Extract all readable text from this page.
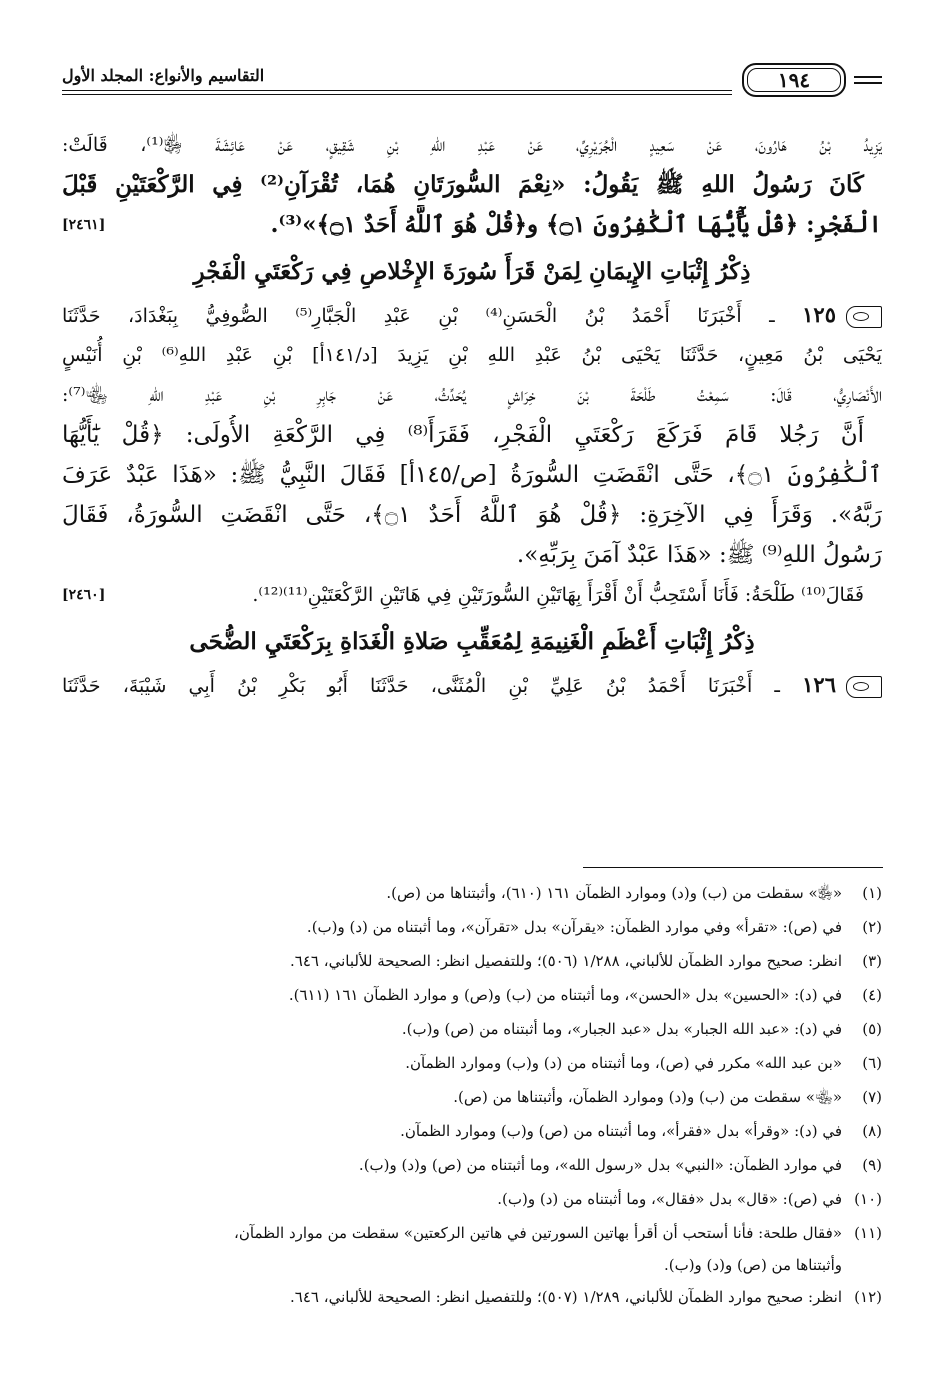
التقاسيم والأنواع: المجلد الأول	١٩٤
يَزِيدُ بْنُ هَارُونَ، عَنْ سَعِيدٍ الْجُرَيْرِيِّ، عَنْ عَبْدِ اللهِ بْنِ شَقِيقٍ، عَنْ عَائِشَةَ ﵂⁽¹⁾، قَالَتْ:
كَانَ رَسُولُ اللهِ ﷺ يَقُولُ: «نِعْمَ السُّورَتَانِ هُمَا، تُقْرَآنِ⁽²⁾ فِي الرَّكْعَتَيْنِ قَبْلَ
الْفَجْرِ: ﴿قُلْ يَٰٓأَيُّهَا ٱلْكَٰفِرُونَ ۝١﴾ و﴿قُلْ هُوَ ٱللَّهُ أَحَدٌ ۝١﴾»⁽³⁾.
[٢٤٦١]
ذِكْرُ إِثْبَاتِ الإِيمَانِ لِمَنْ قَرَأَ سُورَةَ الإِخْلاصِ فِي رَكْعَتَيِ الْفَجْرِ
١٢٥ ـ أَخْبَرَنَا أَحْمَدُ بْنُ الْحَسَنِ⁽⁴⁾ بْنِ عَبْدِ الْجَبَّارِ⁽⁵⁾ الصُّوفِيُّ بِبَغْدَادَ، حَدَّثَنَا
يَحْيَى بْنُ مَعِينٍ، حَدَّثَنَا يَحْيَى بْنُ عَبْدِ اللهِ بْنِ يَزِيدَ [د/١٤١أ] بْنِ عَبْدِ اللهِ⁽⁶⁾ بْنِ أُنَيْسٍ
الأَنْصَارِيُّ، قَالَ: سَمِعْتُ طَلْحَةَ بْنَ خِرَاشٍ يُحَدِّثُ، عَنْ جَابِرِ بْنِ عَبْدِ اللهِ ﵄⁽⁷⁾:
أَنَّ رَجُلا قَامَ فَرَكَعَ رَكْعَتَيِ الْفَجْرِ، فَقَرَأَ⁽⁸⁾ فِي الرَّكْعَةِ الأُولَى: ﴿قُلْ يَٰٓأَيُّهَا
ٱلْكَٰفِرُونَ ۝١﴾، حَتَّى انْقَضَتِ السُّورَةُ [ص/١٤٥أ] فَقَالَ النَّبِيُّ ﷺ: «هَذَا عَبْدٌ عَرَفَ
رَبَّهُ». وَقَرَأَ فِي الآخِرَةِ: ﴿قُلْ هُوَ ٱللَّهُ أَحَدٌ ۝١﴾، حَتَّى انْقَضَتِ السُّورَةُ، فَقَالَ
رَسُولُ اللهِ⁽⁹⁾ ﷺ: «هَذَا عَبْدٌ آمَنَ بِرَبِّهِ».
فَقَالَ⁽¹⁰⁾ طَلْحَةُ: فَأَنَا أَسْتَحِبُّ أَنْ أَقْرَأَ بِهَاتَيْنِ السُّورَتَيْنِ فِي هَاتَيْنِ الرَّكْعَتَيْنِ⁽¹¹⁾⁽¹²⁾.
[٢٤٦٠]
ذِكْرُ إِثْبَاتِ أَعْظَمِ الْغَنِيمَةِ لِمُعَقِّبِ صَلاةِ الْغَدَاةِ بِرَكْعَتَيِ الضُّحَى
١٢٦ ـ أَخْبَرَنَا أَحْمَدُ بْنُ عَلِيِّ بْنِ الْمُثَنَّى، حَدَّثَنَا أَبُو بَكْرِ بْنُ أَبِي شَيْبَةَ، حَدَّثَنَا
(١)
«﵂» سقطت من (ب) و(د) وموارد الظمآن ١٦١ (٦١٠)، وأثبتناها من (ص).
(٢)
في (ص): «تقرأ» وفي موارد الظمآن: «يقرآن» بدل «تقرآن»، وما أثبتناه من (د) و(ب).
(٣)
انظر: صحيح موارد الظمآن للألباني، ١/٢٨٨ (٥٠٦)؛ وللتفصيل انظر: الصحيحة للألباني، ٦٤٦.
(٤)
في (د): «الحسين» بدل «الحسن»، وما أثبتناه من (ب) و(ص) و موارد الظمآن ١٦١ (٦١١).
(٥)
في (د): «عبد الله الجبار» بدل «عبد الجبار»، وما أثبتناه من (ص) و(ب).
(٦)
«بن عبد الله» مكرر في (ص)، وما أثبتناه من (د) و(ب) وموارد الظمآن.
(٧)
«﵄» سقطت من (ب) و(د) وموارد الظمآن، وأثبتناها من (ص).
(٨)
في (د): «وقرأ» بدل «فقرأ»، وما أثبتناه من (ص) و(ب) وموارد الظمآن.
(٩)
في موارد الظمآن: «النبي» بدل «رسول الله»، وما أثبتناه من (ص) و(د) و(ب).
(١٠)
في (ص): «قال» بدل «فقال»، وما أثبتناه من (د) و(ب).
(١١)
«فقال طلحة: فأنا أستحب أن أقرأ بهاتين السورتين في هاتين الركعتين» سقطت من موارد الظمآن،
وأثبتناها من (ص) و(د) و(ب).
(١٢)
انظر: صحيح موارد الظمآن للألباني، ١/٢٨٩ (٥٠٧)؛ وللتفصيل انظر: الصحيحة للألباني، ٦٤٦.
